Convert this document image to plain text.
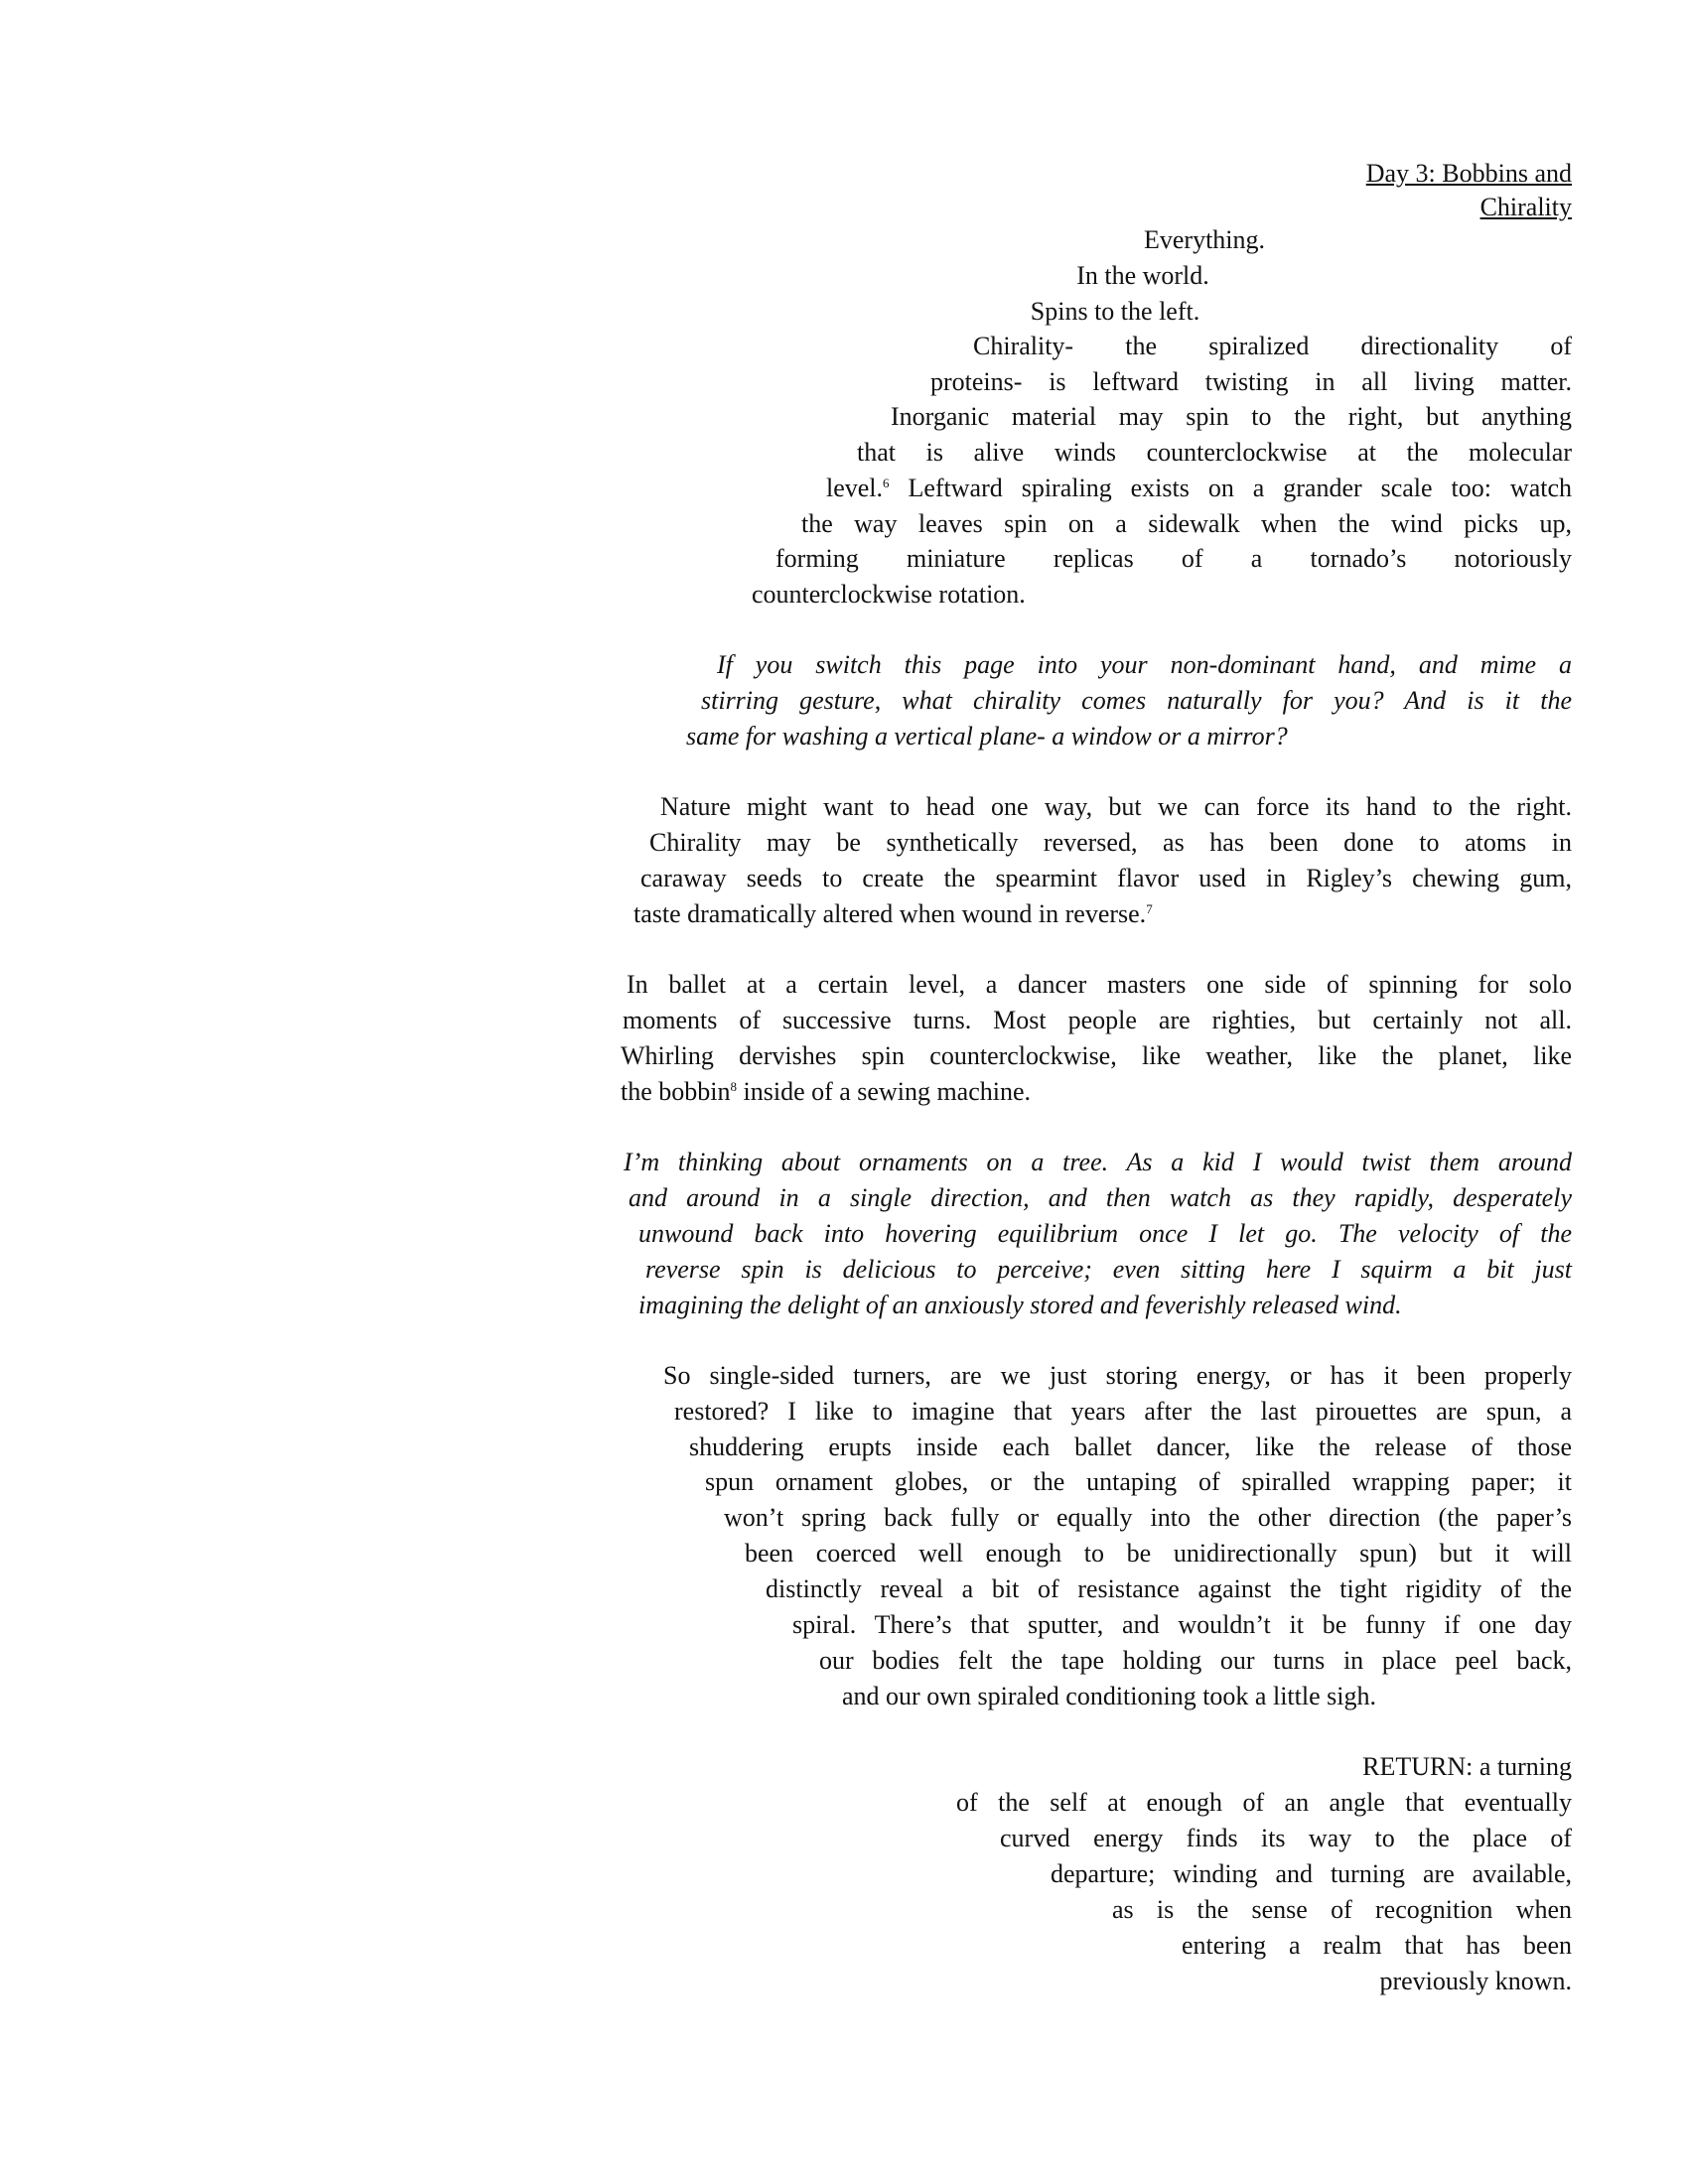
Day 3: Bobbins and
Chirality
Everything.
In the world.
Spins to the left.
Chirality- the spiralized directionality of
proteins- is leftward twisting in all living matter.
Inorganic material may spin to the right, but anything
that is alive winds counterclockwise at the molecular
level.$^6$ Leftward spiraling exists on a grander scale too: watch
the way leaves spin on a sidewalk when the wind picks up,
forming miniature replicas of a tornado’s notoriously
counterclockwise rotation.
If you switch this page into your non-dominant hand, and mime a
stirring gesture, what chirality comes naturally for you? And is it the
same for washing a vertical plane- a window or a mirror?
Nature might want to head one way, but we can force its hand to the right.
Chirality may be synthetically reversed, as has been done to atoms in
caraway seeds to create the spearmint flavor used in Rigley’s chewing gum,
taste dramatically altered when wound in reverse.$^7$
In ballet at a certain level, a dancer masters one side of spinning for solo
moments of successive turns. Most people are righties, but certainly not all.
Whirling dervishes spin counterclockwise, like weather, like the planet, like
the bobbin$^8$ inside of a sewing machine.
I’m thinking about ornaments on a tree. As a kid I would twist them around
and around in a single direction, and then watch as they rapidly, desperately
unwound back into hovering equilibrium once I let go. The velocity of the
reverse spin is delicious to perceive; even sitting here I squirm a bit just
imagining the delight of an anxiously stored and feverishly released wind.
So single-sided turners, are we just storing energy, or has it been properly
restored? I like to imagine that years after the last pirouettes are spun, a
shuddering erupts inside each ballet dancer, like the release of those
spun ornament globes, or the untaping of spiralled wrapping paper; it
won’t spring back fully or equally into the other direction (the paper’s
been coerced well enough to be unidirectionally spun) but it will
distinctly reveal a bit of resistance against the tight rigidity of the
spiral. There’s that sputter, and wouldn’t it be funny if one day
our bodies felt the tape holding our turns in place peel back,
and our own spiraled conditioning took a little sigh.
RETURN: a turning
of the self at enough of an angle that eventually
curved energy finds its way to the place of
departure; winding and turning are available,
as is the sense of recognition when
entering a realm that has been
previously known.
